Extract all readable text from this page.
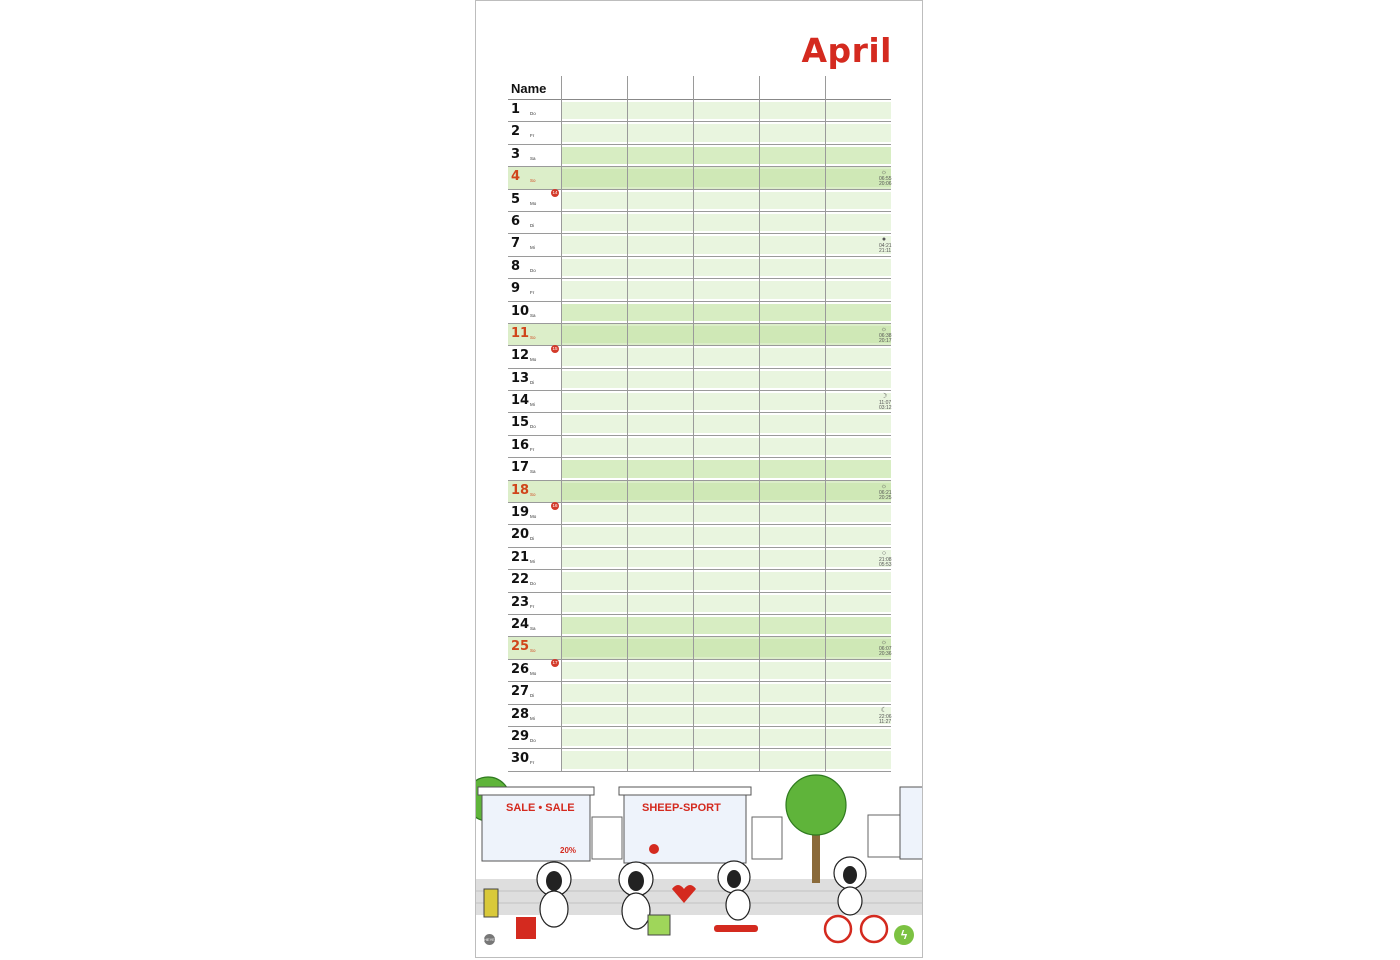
April
Name
1 Do
2 Fr
3 Sa
4 So
☼
06:55
20:06
5 Mo
14
6 Di
7 Mi
●
04:21
21:11
8 Do
9 Fr
10 Sa
11 So
☼
06:38
20:17
12 Mo
15
13 Di
14 Mi
☽
11:07
03:12
15 Do
16 Fr
17 Sa
18 So
☼
06:21
20:25
19 Mo
16
20 Di
21 Mi
○
21:08
05:53
22 Do
23 Fr
24 Sa
25 So
☼
06:07
20:36
26 Mo
17
27 Di
28 Mi
☾
22:06
11:27
29 Do
30 Fr
SALE • SALE
20%
SHEEP-SPORT
HEYE	ϟ
